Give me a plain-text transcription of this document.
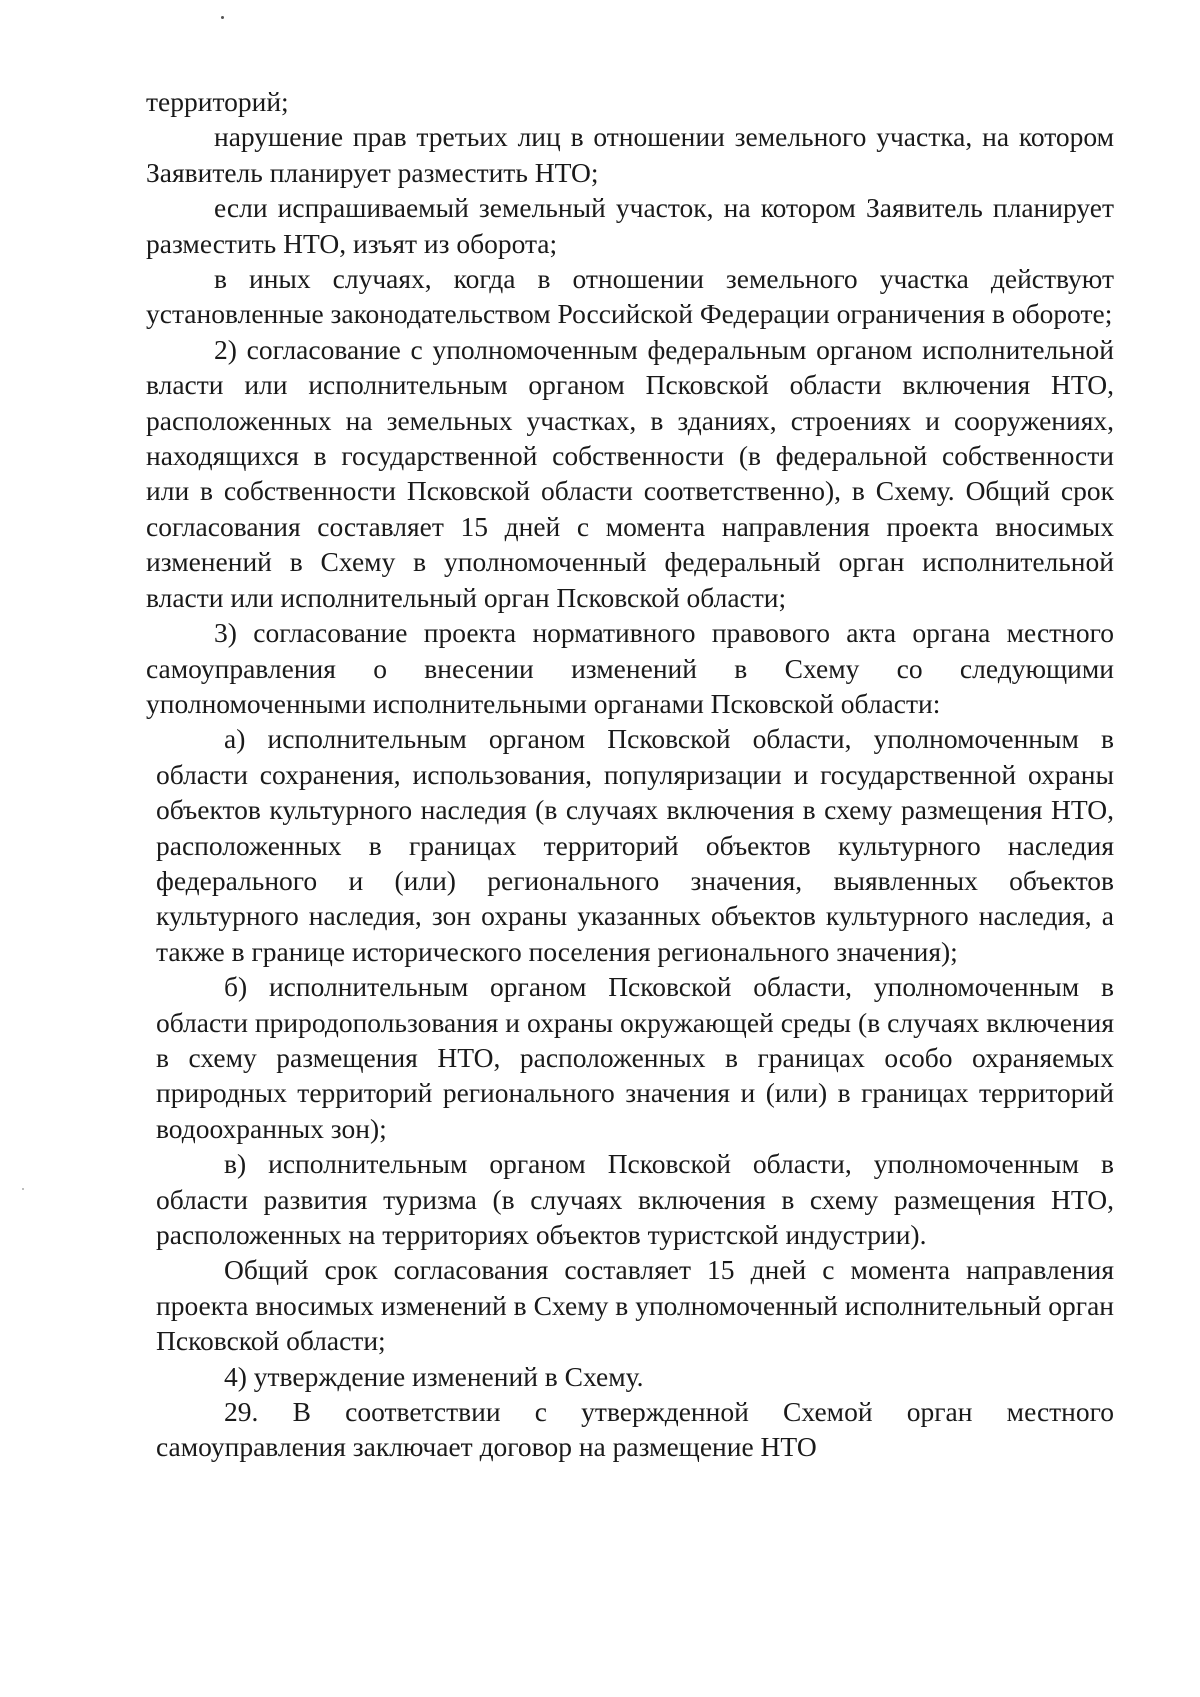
территорий;

нарушение прав третьих лиц в отношении земельного участка, на котором Заявитель планирует разместить НТО;

если испрашиваемый земельный участок, на котором Заявитель планирует разместить НТО, изъят из оборота;

в иных случаях, когда в отношении земельного участка действуют установленные законодательством Российской Федерации ограничения в обороте;

2) согласование с уполномоченным федеральным органом исполнительной власти или исполнительным органом Псковской области включения НТО, расположенных на земельных участках, в зданиях, строениях и сооружениях, находящихся в государственной собственности (в федеральной собственности или в собственности Псковской области соответственно), в Схему. Общий срок согласования составляет 15 дней с момента направления проекта вносимых изменений в Схему в уполномоченный федеральный орган исполнительной власти или исполнительный орган Псковской области;

3) согласование проекта нормативного правового акта органа местного самоуправления о внесении изменений в Схему со следующими уполномоченными исполнительными органами Псковской области:

а) исполнительным органом Псковской области, уполномоченным в области сохранения, использования, популяризации и государственной охраны объектов культурного наследия (в случаях включения в схему размещения НТО, расположенных в границах территорий объектов культурного наследия федерального и (или) регионального значения, выявленных объектов культурного наследия, зон охраны указанных объектов культурного наследия, а также в границе исторического поселения регионального значения);

б) исполнительным органом Псковской области, уполномоченным в области природопользования и охраны окружающей среды (в случаях включения в схему размещения НТО, расположенных в границах особо охраняемых природных территорий регионального значения и (или) в границах территорий водоохранных зон);

в) исполнительным органом Псковской области, уполномоченным в области развития туризма (в случаях включения в схему размещения НТО, расположенных на территориях объектов туристской индустрии).

Общий срок согласования составляет 15 дней с момента направления проекта вносимых изменений в Схему в уполномоченный исполнительный орган Псковской области;

4) утверждение изменений в Схему.

29. В соответствии с утвержденной Схемой орган местного самоуправления заключает договор на размещение НТО
